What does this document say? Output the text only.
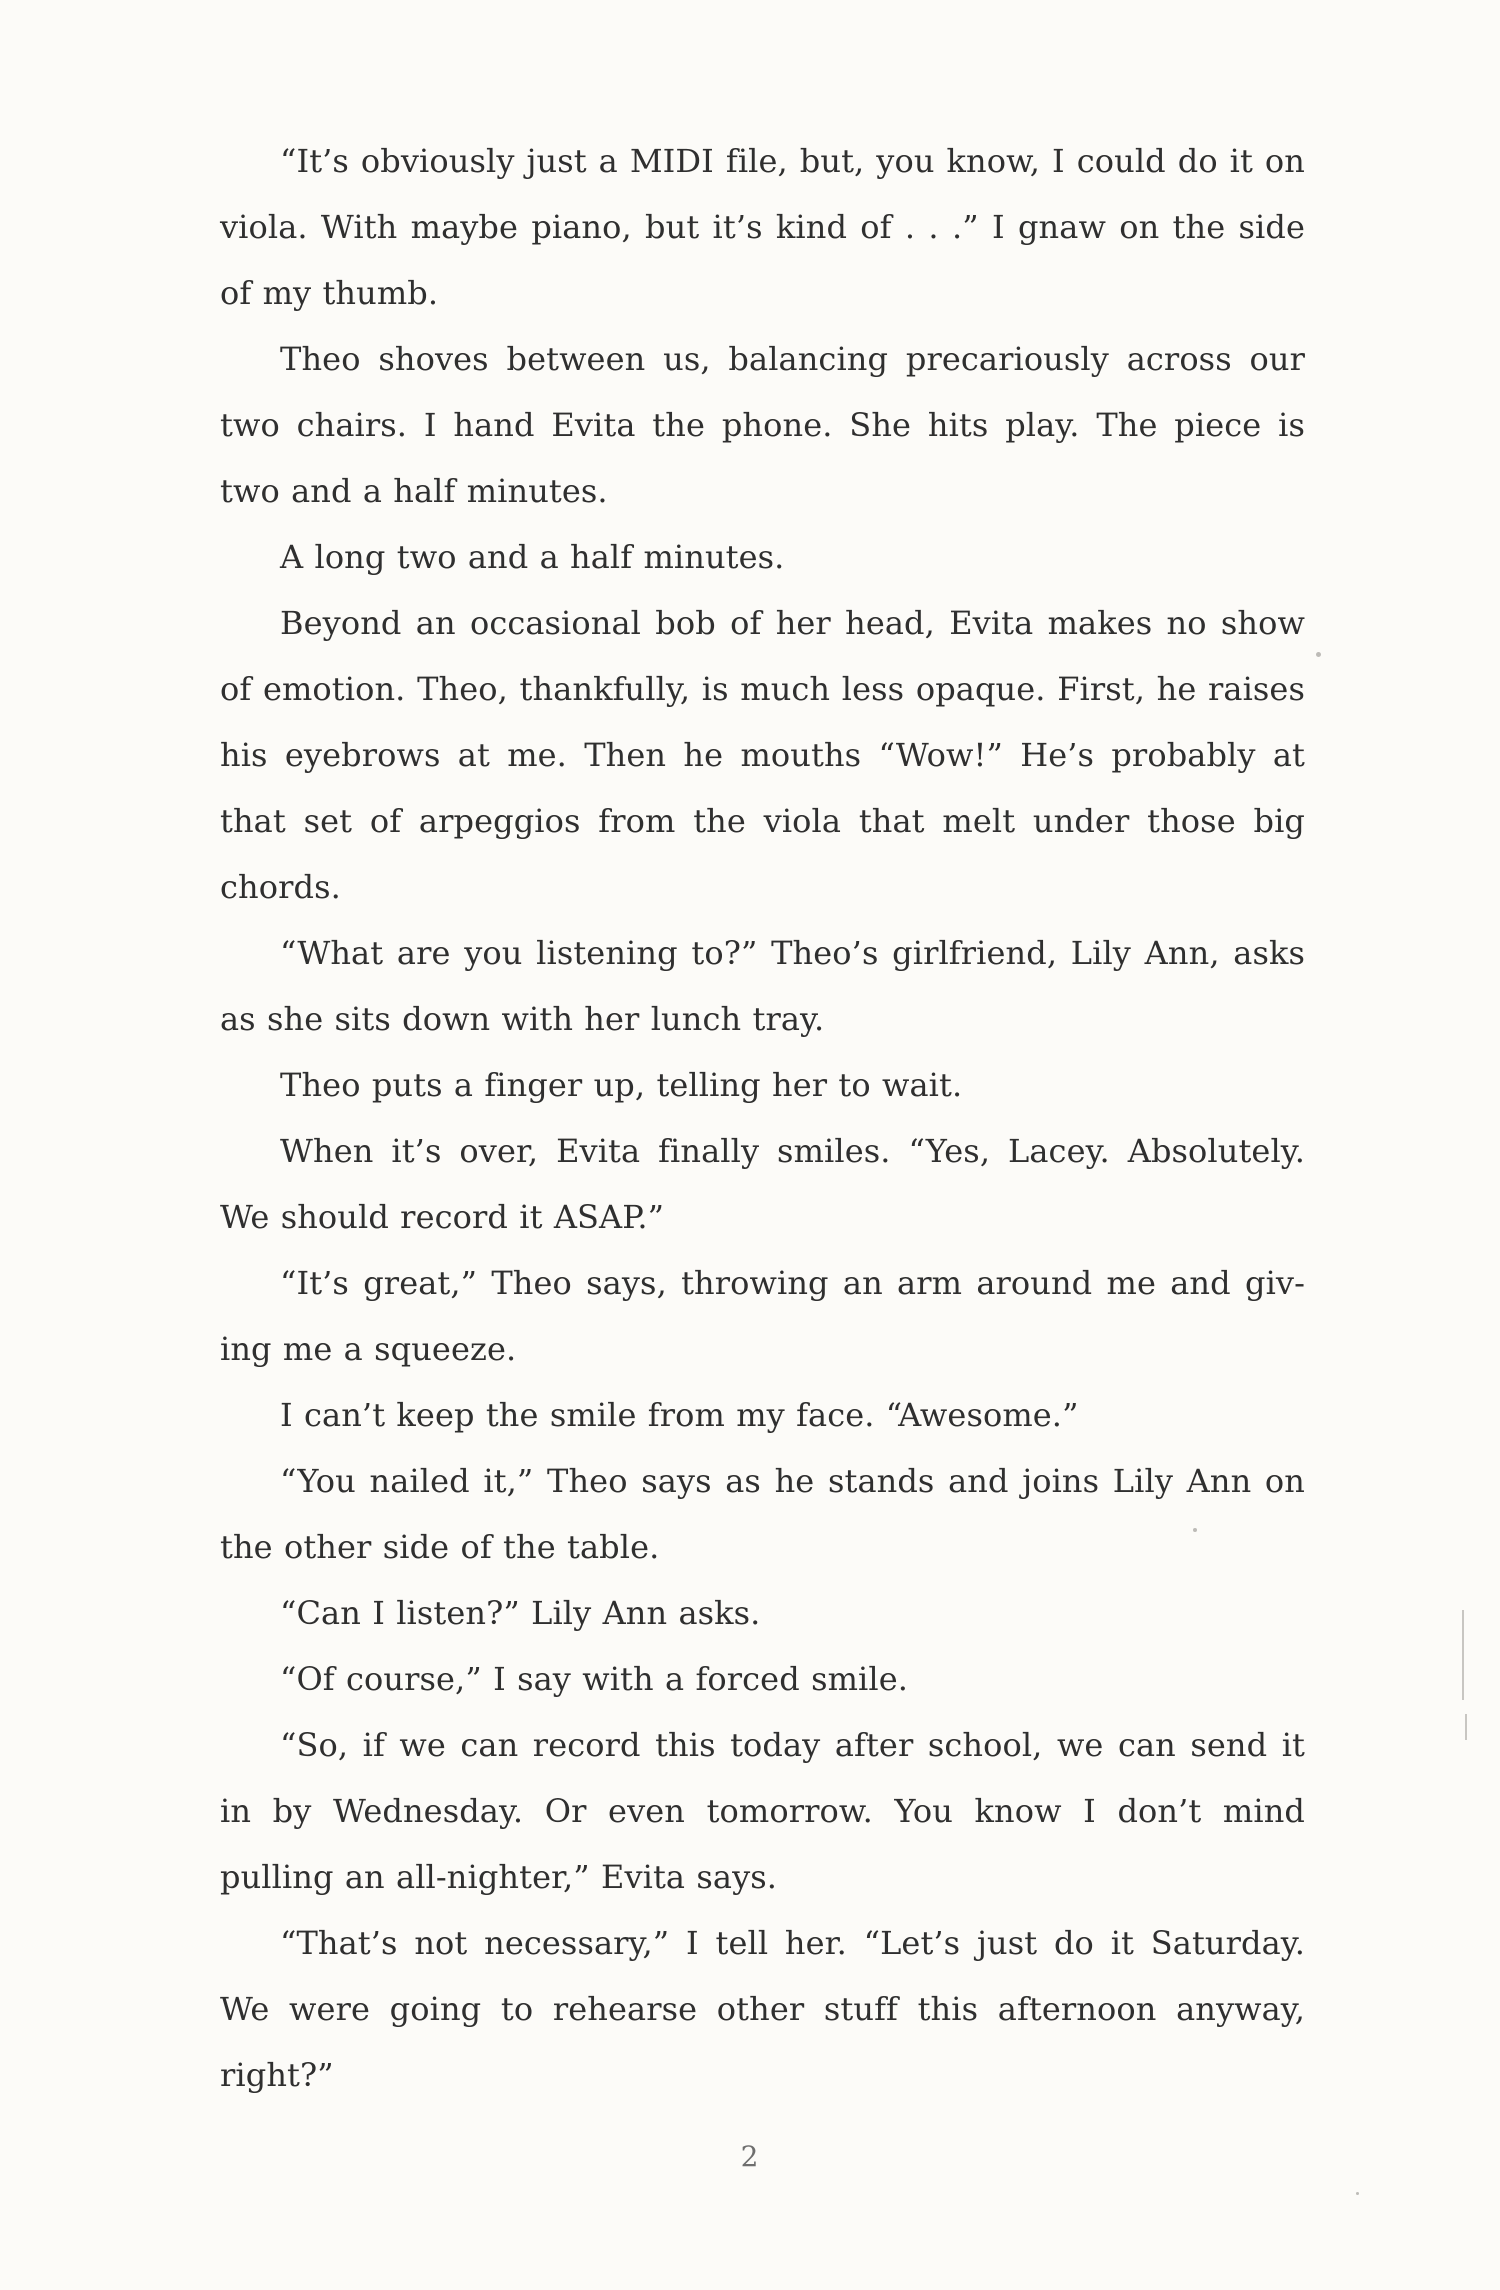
“It’s obviously just a MIDI file, but, you know, I could do it on viola. With maybe piano, but it’s kind of . . .” I gnaw on the side of my thumb.

Theo shoves between us, balancing precariously across our two chairs. I hand Evita the phone. She hits play. The piece is two and a half minutes.

A long two and a half minutes.

Beyond an occasional bob of her head, Evita makes no show of emotion. Theo, thankfully, is much less opaque. First, he raises his eyebrows at me. Then he mouths “Wow!” He’s probably at that set of arpeggios from the viola that melt under those big chords.

“What are you listening to?” Theo’s girlfriend, Lily Ann, asks as she sits down with her lunch tray.

Theo puts a finger up, telling her to wait.

When it’s over, Evita finally smiles. “Yes, Lacey. Absolutely. We should record it ASAP.”

“It’s great,” Theo says, throwing an arm around me and giv-ing me a squeeze.

I can’t keep the smile from my face. “Awesome.”

“You nailed it,” Theo says as he stands and joins Lily Ann on the other side of the table.

“Can I listen?” Lily Ann asks.

“Of course,” I say with a forced smile.

“So, if we can record this today after school, we can send it in by Wednesday. Or even tomorrow. You know I don’t mind pulling an all-nighter,” Evita says.

“That’s not necessary,” I tell her. “Let’s just do it Saturday. We were going to rehearse other stuff this afternoon anyway, right?”

2
